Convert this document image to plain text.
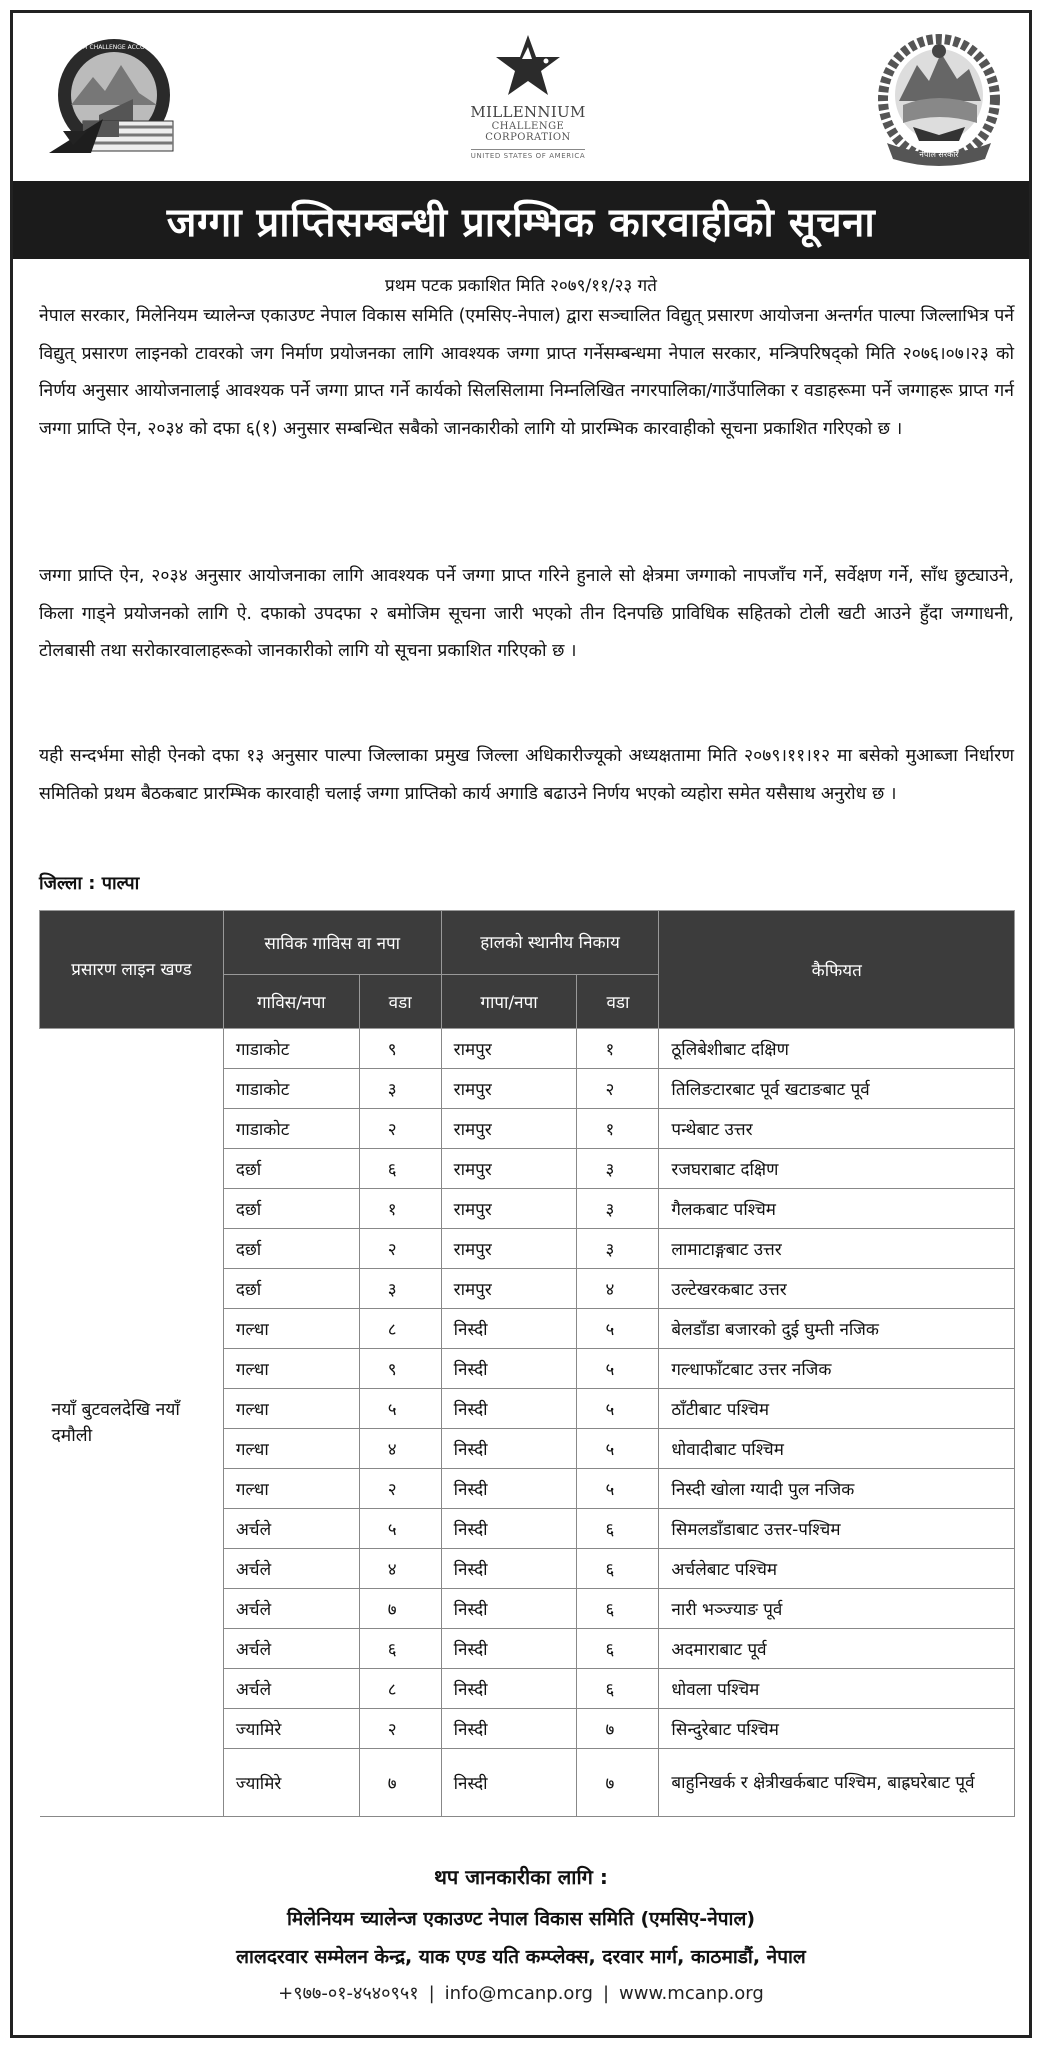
MILLENNIUM CHALLENGE ACCOUNT NEPAL
MILLENNIUM
CHALLENGE CORPORATION
UNITED STATES OF AMERICA	नेपाल सरकार
जग्गा प्राप्तिसम्बन्धी प्रारम्भिक कारवाहीको सूचना
प्रथम पटक प्रकाशित मिति २०७९/११/२३ गते

नेपाल सरकार, मिलेनियम च्यालेन्ज एकाउण्ट नेपाल विकास समिति (एमसिए-नेपाल) द्वारा सञ्चालित विद्युत् प्रसारण आयोजना अन्तर्गत पाल्पा जिल्लाभित्र पर्ने विद्युत् प्रसारण लाइनको टावरको जग निर्माण प्रयोजनका लागि आवश्यक जग्गा प्राप्त गर्नेसम्बन्धमा नेपाल सरकार, मन्त्रिपरिषद्को मिति २०७६।०७।२३ को निर्णय अनुसार आयोजनालाई आवश्यक पर्ने जग्गा प्राप्त गर्ने कार्यको सिलसिलामा निम्नलिखित नगरपालिका/गाउँपालिका र वडाहरूमा पर्ने जग्गाहरू प्राप्त गर्न जग्गा प्राप्ति ऐन, २०३४ को दफा ६(१) अनुसार सम्बन्धित सबैको जानकारीको लागि यो प्रारम्भिक कारवाहीको सूचना प्रकाशित गरिएको छ ।

जग्गा प्राप्ति ऐन, २०३४ अनुसार आयोजनाका लागि आवश्यक पर्ने जग्गा प्राप्त गरिने हुनाले सो क्षेत्रमा जग्गाको नापजाँच गर्ने, सर्वेक्षण गर्ने, साँध छुट्याउने, किला गाड्ने प्रयोजनको लागि ऐ. दफाको उपदफा २ बमोजिम सूचना जारी भएको तीन दिनपछि प्राविधिक सहितको टोली खटी आउने हुँदा जग्गाधनी, टोलबासी तथा सरोकारवालाहरूको जानकारीको लागि यो सूचना प्रकाशित गरिएको छ ।

यही सन्दर्भमा सोही ऐनको दफा १३ अनुसार पाल्पा जिल्लाका प्रमुख जिल्ला अधिकारीज्यूको अध्यक्षतामा मिति २०७९।११।१२ मा बसेको मुआब्जा निर्धारण समितिको प्रथम बैठकबाट प्रारम्भिक कारवाही चलाई जग्गा प्राप्तिको कार्य अगाडि बढाउने निर्णय भएको व्यहोरा समेत यसैसाथ अनुरोध छ ।

जिल्ला : पाल्पा
प्रसारण लाइन खण्ड	साविक गाविस वा नपा		हालको स्थानीय निकाय		कैफियत
	गाविस/नपा	वडा	गापा/नपा	वडा	
नयाँ बुटवलदेखि नयाँ दमौली	गाडाकोट	९	रामपुर	१	ठूलिबेशीबाट दक्षिण
	गाडाकोट	३	रामपुर	२	तिलिङटारबाट पूर्व खटाङबाट पूर्व
	गाडाकोट	२	रामपुर	१	पन्थेबाट उत्तर
	दर्छा	६	रामपुर	३	रजघराबाट दक्षिण
	दर्छा	१	रामपुर	३	गैलकबाट पश्चिम
	दर्छा	२	रामपुर	३	लामाटाङ्गबाट उत्तर
	दर्छा	३	रामपुर	४	उल्टेखरकबाट उत्तर
	गल्धा	८	निस्दी	५	बेलडाँडा बजारको दुई घुम्ती नजिक
	गल्धा	९	निस्दी	५	गल्धाफाँटबाट उत्तर नजिक
	गल्धा	५	निस्दी	५	ठाँटीबाट पश्चिम
	गल्धा	४	निस्दी	५	धोवादीबाट पश्चिम
	गल्धा	२	निस्दी	५	निस्दी खोला ग्यादी पुल नजिक
	अर्चले	५	निस्दी	६	सिमलडाँडाबाट उत्तर-पश्चिम
	अर्चले	४	निस्दी	६	अर्चलेबाट पश्चिम
	अर्चले	७	निस्दी	६	नारी भञ्ज्याङ पूर्व
	अर्चले	६	निस्दी	६	अदमाराबाट पूर्व
	अर्चले	८	निस्दी	६	धोवला पश्चिम
	ज्यामिरे	२	निस्दी	७	सिन्दुरेबाट पश्चिम
	ज्यामिरे	७	निस्दी	७	बाहुनिखर्क र क्षेत्रीखर्कबाट पश्चिम, बाह्रघरेबाट पूर्व
थप जानकारीका लागि :
मिलेनियम च्यालेन्ज एकाउण्ट नेपाल विकास समिति (एमसिए-नेपाल)
लालदरवार सम्मेलन केन्द्र, याक एण्ड यति कम्प्लेक्स, दरवार मार्ग, काठमाडौं, नेपाल
+९७७-०१-४५४०९५१ | info@mcanp.org | www.mcanp.org
